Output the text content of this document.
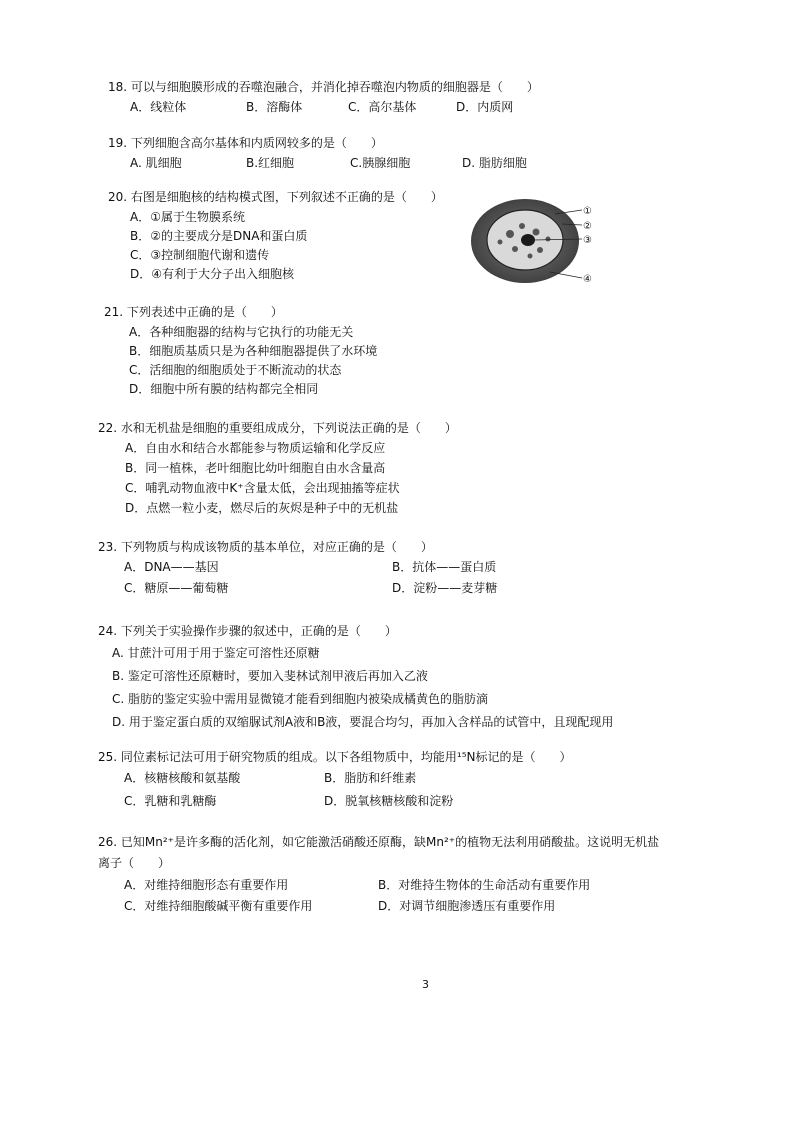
18. 可以与细胞膜形成的吞噬泡融合，并消化掉吞噬泡内物质的细胞器是（　　）
A．线粒体	B．溶酶体	C．高尔基体	D．内质网
19. 下列细胞含高尔基体和内质网较多的是（　　）
A. 肌细胞	B.红细胞	C.胰腺细胞	D. 脂肪细胞
20. 右图是细胞核的结构模式图，下列叙述不正确的是（　　）
A．①属于生物膜系统
B．②的主要成分是DNA和蛋白质
C．③控制细胞代谢和遗传
D．④有利于大分子出入细胞核
①
②
③
④
21. 下列表述中正确的是（　　）
A．各种细胞器的结构与它执行的功能无关
B．细胞质基质只是为各种细胞器提供了水环境
C．活细胞的细胞质处于不断流动的状态
D．细胞中所有膜的结构都完全相同
22. 水和无机盐是细胞的重要组成成分，下列说法正确的是（　　）
A．自由水和结合水都能参与物质运输和化学反应
B．同一植株，老叶细胞比幼叶细胞自由水含量高
C．哺乳动物血液中K⁺含量太低，会出现抽搐等症状
D．点燃一粒小麦，燃尽后的灰烬是种子中的无机盐
23. 下列物质与构成该物质的基本单位，对应正确的是（　　）
A．DNA——基因	B．抗体——蛋白质
C．糖原——葡萄糖	D．淀粉——麦芽糖
24. 下列关于实验操作步骤的叙述中，正确的是（　　）
A. 甘蔗汁可用于用于鉴定可溶性还原糖
B. 鉴定可溶性还原糖时，要加入斐林试剂甲液后再加入乙液
C. 脂肪的鉴定实验中需用显微镜才能看到细胞内被染成橘黄色的脂肪滴
D. 用于鉴定蛋白质的双缩脲试剂A液和B液，要混合均匀，再加入含样品的试管中，且现配现用
25. 同位素标记法可用于研究物质的组成。以下各组物质中，均能用¹⁵N标记的是（　　）
A．核糖核酸和氨基酸	B．脂肪和纤维素
C．乳糖和乳糖酶	D．脱氧核糖核酸和淀粉
26. 已知Mn²⁺是许多酶的活化剂，如它能激活硝酸还原酶，缺Mn²⁺的植物无法利用硝酸盐。这说明无机盐
离子（　　）
A．对维持细胞形态有重要作用	B．对维持生物体的生命活动有重要作用
C．对维持细胞酸碱平衡有重要作用	D．对调节细胞渗透压有重要作用
3
